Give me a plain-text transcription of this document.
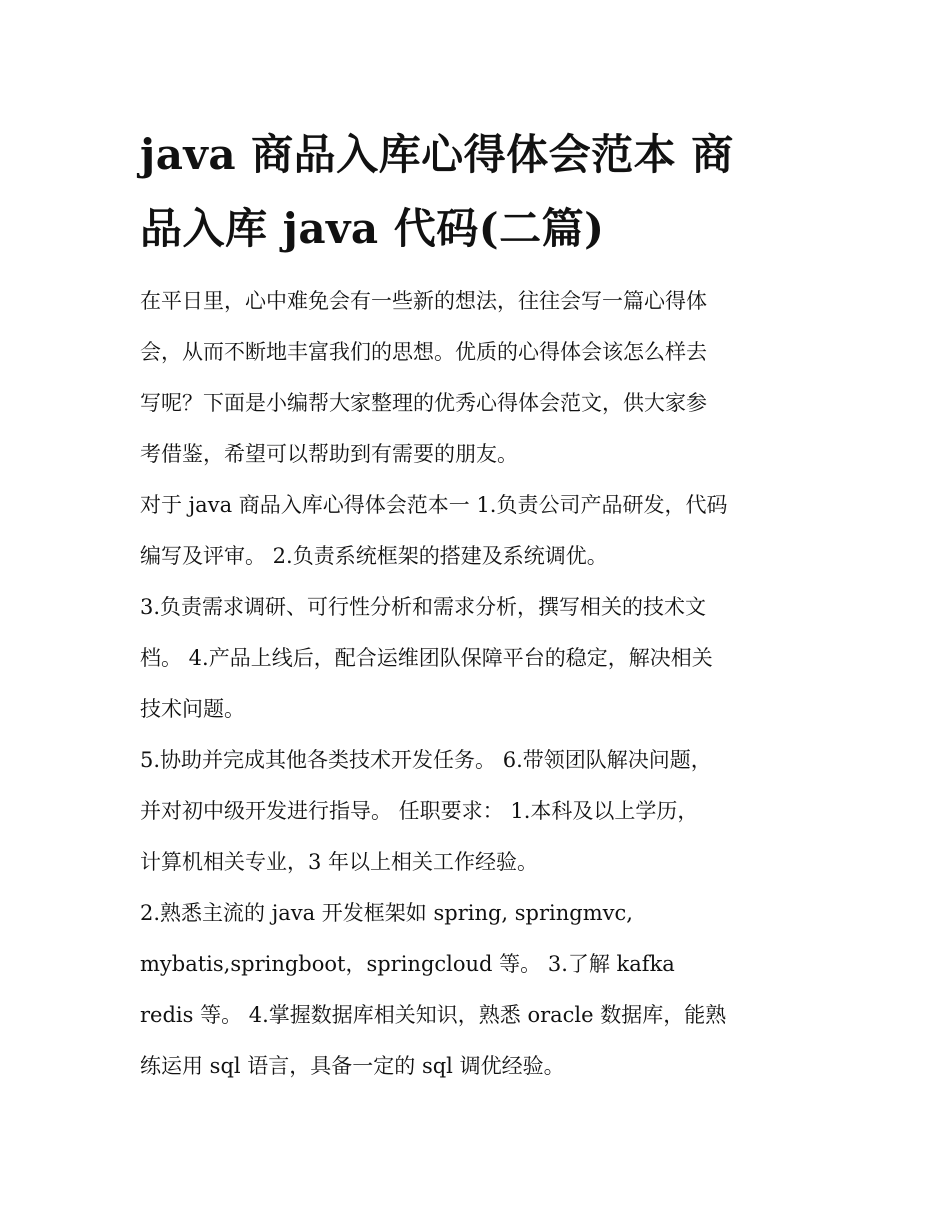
java 商品入库心得体会范本 商
品入库 java 代码(二篇)

在平日里，心中难免会有一些新的想法，往往会写一篇心得体
会，从而不断地丰富我们的思想。优质的心得体会该怎么样去
写呢？下面是小编帮大家整理的优秀心得体会范文，供大家参
考借鉴，希望可以帮助到有需要的朋友。

对于 java 商品入库心得体会范本一 1.负责公司产品研发，代码
编写及评审。 2.负责系统框架的搭建及系统调优。

3.负责需求调研、可行性分析和需求分析，撰写相关的技术文
档。 4.产品上线后，配合运维团队保障平台的稳定，解决相关
技术问题。

5.协助并完成其他各类技术开发任务。 6.带领团队解决问题，
并对初中级开发进行指导。 任职要求： 1.本科及以上学历，
计算机相关专业，3 年以上相关工作经验。

2.熟悉主流的 java 开发框架如 spring, springmvc,
mybatis,springboot，springcloud 等。 3.了解 kafka
redis 等。 4.掌握数据库相关知识，熟悉 oracle 数据库，能熟
练运用 sql 语言，具备一定的 sql 调优经验。
